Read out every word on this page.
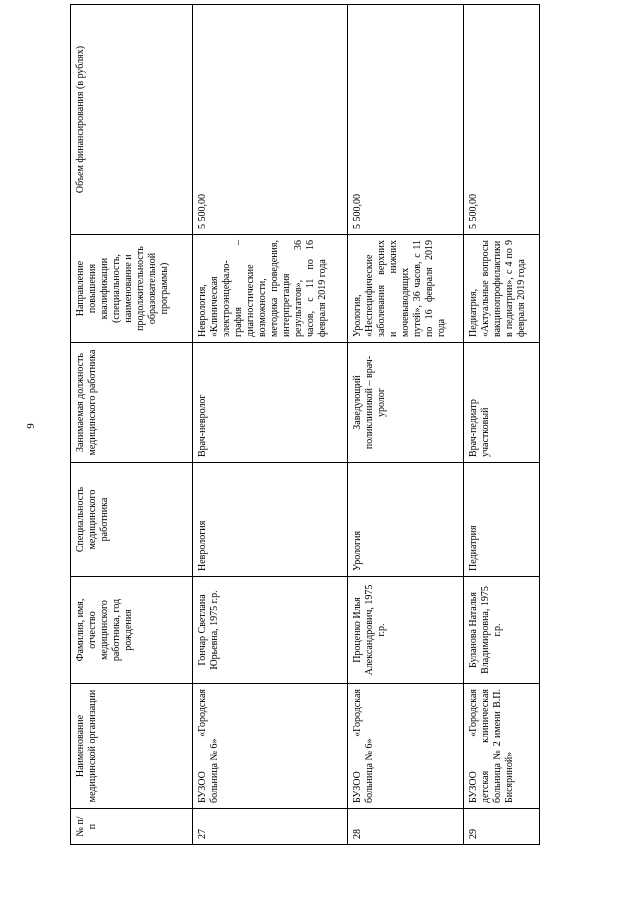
9
№ п/п	Наименование медицинской организации	Фамилия, имя, отчество медицинского работника, год рождения	Специальность медицинского работника	Занимаемая должность медицинского работника	Направление повышения квалификации (специальность, наименование и продолжительность образовательной программы)	Объем финансирования (в рублях)
27	БУЗОО «Городская больница № 6»	Гончар Светлана Юрьевна, 1975 г.р.	Неврология	Врач-невролог	Неврология, «Клиническая электроэнцефало-графия – диагностические возможности, методика проведения, интерпретация результатов», 36 часов, с 11 по 16 февраля 2019 года	5 500,00
28	БУЗОО «Городская больница № 6»	Проценко Илья Александрович, 1975 г.р.	Урология	Заведующий поликлиникой – врач-уролог	Урология, «Неспецифические заболевания верхних и нижних мочевыводящих путей», 36 часов, с 11 по 16 февраля 2019 года	5 500,00
29	БУЗОО «Городская детская клиническая больница № 2 имени В.П. Бисяриной»	Буланова Наталья Владимировна, 1975 г.р.	Педиатрия	Врач-педиатр участковый	Педиатрия, «Актуальные вопросы вакцинопрофилактики в педиатрии», с 4 по 9 февраля 2019 года	5 500,00
